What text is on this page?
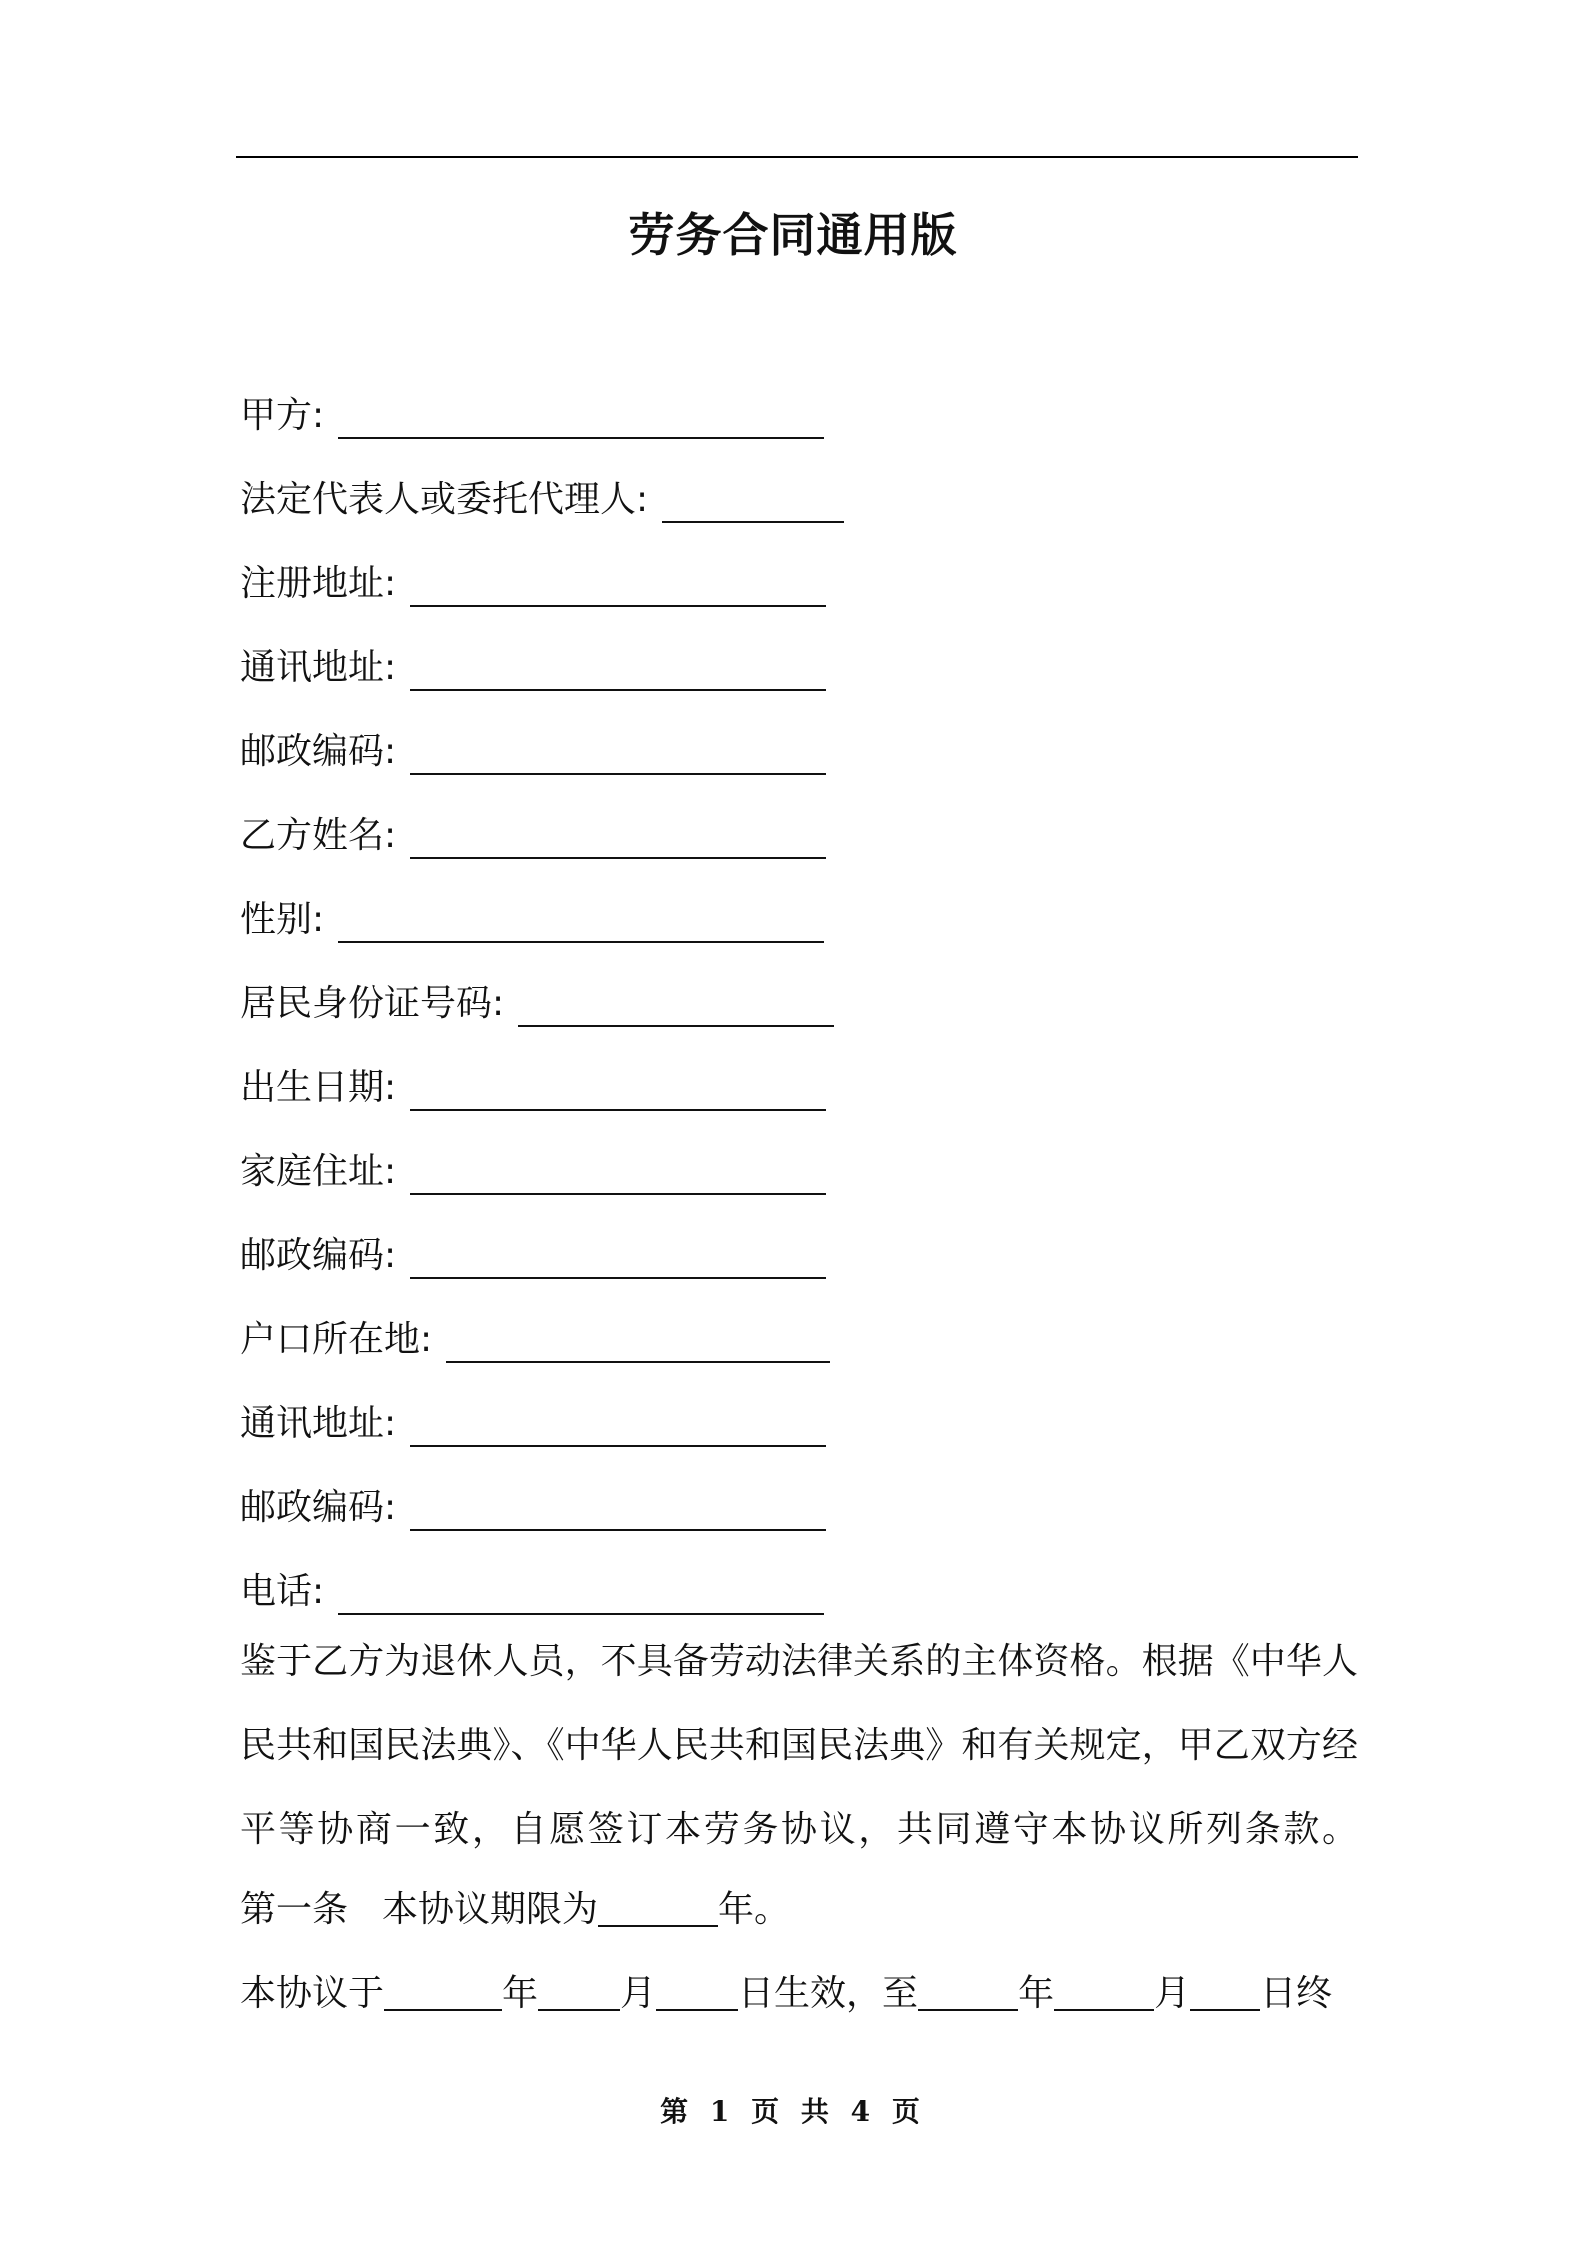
劳务合同通用版
甲方:
法定代表人或委托代理人:
注册地址:
通讯地址:
邮政编码:
乙方姓名:
性别:
居民身份证号码:
出生日期:
家庭住址:
邮政编码:
户口所在地:
通讯地址:
邮政编码:
电话:
鉴于乙方为退休人员，不具备劳动法律关系的主体资格。根据《中华人民共和国民法典》、《中华人民共和国民法典》和有关规定，甲乙双方经平等协商一致，自愿签订本劳务协议，共同遵守本协议所列条款。
第一条 本协议期限为	年。
本协议于	年 月 日生效，至	年	月 日终
第 1 页 共 4 页
